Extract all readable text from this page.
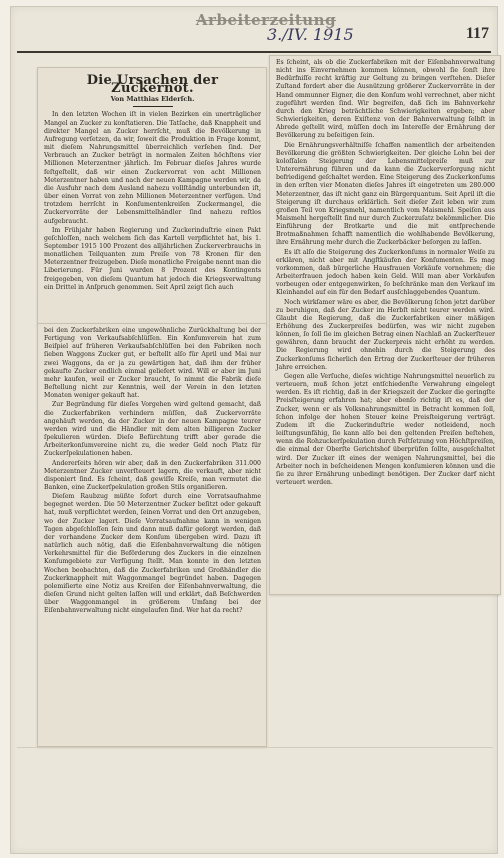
Arbeiterzeitung
3./IV. 1915	117
Die Ursachen der Zuckernot.
Von Matthias Elderſch.

In den letzten Wochen iſt in vielen Bezirken ein unerträglicher Mangel an Zucker zu konſtatieren. Die Tatſache, daß Knappheit und direkter Mangel an Zucker herrſcht, muß die Bevölkerung in Aufregung verſetzen, da wir, ſoweit die Produktion in Frage kommt, mit dieſem Nahrungsmittel überreichlich verſehen ſind. Der Verbrauch an Zucker beträgt in normalen Zeiten höchſtens vier Millionen Meterzentner jährlich. Im Februar dieſes Jahres wurde feſtgeſtellt, daß wir einen Zuckervorrat von acht Millionen Meterzentner haben und nach der neuen Kampagne werden wir, da die Ausfuhr nach dem Ausland nahezu vollſtändig unterbunden iſt, über einen Vorrat von zehn Millionen Meterzentner verfügen. Und trotzdem herrſcht in Konſumentenkreiſen Zuckermangel, die Zuckervorräte der Lebensmittelhändler ſind nahezu reſtlos aufgebraucht.

Im Frühjahr haben Regierung und Zuckerinduſtrie einen Pakt geſchloſſen, nach welchem ſich das Kartell verpflichtet hat, bis 1. September 1915 100 Prozent des alljährlichen Zuckerverbrauchs in monatlichen Teilquanten zum Preiſe von 78 Kronen für den Meterzentner freizugeben. Dieſe monatliche Freigabe nennt man die Liberierung. Für Juni wurden 8 Prozent des Kontingents freigegeben, von dieſem Quantum hat jedoch die Kriegsverwaltung ein Drittel in Anſpruch genommen. Seit April zeigt ſich auch

bei den Zuckerfabriken eine ungewöhnliche Zurückhaltung bei der Fertigung von Verkaufsabſchlüſſen. Ein Konſumverein hat zum Beiſpiel auf früheren Verkaufsabſchlüſſen bei den Fabriken noch ſieben Waggons Zucker gut, er beſtellt alſo für April und Mai nur zwei Waggons, da er ja zu gewärtigen hat, daß ihm der früher gekaufte Zucker endlich einmal geliefert wird. Will er aber im Juni mehr kaufen, weil er Zucker braucht, ſo nimmt die Fabrik dieſe Beſtellung nicht zur Kenntnis, weil der Verein in den letzten Monaten weniger gekauft hat.

Zur Begründung für dieſes Vorgehen wird geltend gemacht, daß die Zuckerfabriken verhindern müſſen, daß Zuckervorräte angehäuft werden, da der Zucker in der neuen Kampagne teurer werden wird und die Händler mit dem alten billigeren Zucker ſpekulieren würden. Dieſe Befürchtung trifft aber gerade die Arbeiterkonſumvereine nicht zu, die weder Geld noch Platz für Zuckerſpekulationen haben.

Andererſeits hören wir aber, daß in den Zuckerfabriken 311.000 Meterzentner Zucker unverſteuert lagern, die verkauft, aber nicht disponiert ſind. Es ſcheint, daß gewiſſe Kreiſe, man vermutet die Banken, eine Zuckerſpekulation großen Stils organiſieren.

Dieſem Raubzug müßte ſofort durch eine Vorratsaufnahme begegnet werden. Die 50 Meterzentner Zucker beſitzt oder gekauft hat, muß verpflichtet werden, ſeinen Vorrat und den Ort anzugeben, wo der Zucker lagert. Dieſe Vorratsaufnahme kann in wenigen Tagen abgeſchloſſen ſein und dann muß dafür geſorgt werden, daß der vorhandene Zucker dem Konſum übergeben wird. Dazu iſt natürlich auch nötig, daß die Eiſenbahnverwaltung die nötigen Verkehrsmittel für die Beförderung des Zuckers in die einzelnen Konſumgebiete zur Verfügung ſtellt. Man konnte in den letzten Wochen beobachten, daß die Zuckerfabriken und Großhändler die Zuckerknappheit mit Waggonmangel begründet haben. Dagegen polemiſierte eine Notiz aus Kreiſen der Eiſenbahnverwaltung, die dieſen Grund nicht gelten laſſen will und erklärt, daß Beſchwerden über Waggonmangel in größerem Umfang bei der Eiſenbahnverwaltung nicht eingelaufen ſind. Wer hat da recht?

Es ſcheint, als ob die Zuckerfabriken mit der Eiſenbahnverwaltung nicht ins Einvernehmen kommen können, obwohl ſie ſonſt ihre Bedürfniſſe recht kräftig zur Geltung zu bringen verſtehen. Dieſer Zuſtand fordert aber die Ausnützung größerer Zuckervorräte in der Hand ommunner Eigner, die den Konſum wohl verrechnet, aber nicht zugeführt werden ſind. Wir begreifen, daß ſich im Bahnverkehr durch den Krieg beträchtliche Schwierigkeiten ergeben; aber Schwierigkeiten, deren Exiſtenz von der Bahnverwaltung ſelbſt in Abrede geſtellt wird, müſſen doch im Intereſſe der Ernährung der Bevölkerung zu beſeitigen ſein.

Die Ernährungsverhältniſſe ſchaffen namentlich der arbeitenden Bevölkerung die größten Schwierigkeiten. Der gleiche Lohn bei der koloſſalen Steigerung der Lebensmittelpreiſe muß zur Unterernährung führen und da kann die Zuckerverſorgung nicht befriedigend geſchaltet werden. Eine Steigerung des Zuckerkonſums in den erſten vier Monaten dieſes Jahres iſt eingetreten um 280.000 Meterzentner, das iſt nicht ganz ein Bürgerquantum. Seit April iſt die Steigerung iſt durchaus erklärlich. Seit dieſer Zeit leben wir zum großen Teil von Kriegsmehl, namentlich vom Maismehl. Speiſen aus Maismehl hergeſtellt ſind nur durch Zuckerzuſatz bekömmlicher. Die Einführung der Brotkarte und die mit entſprechende Brotmaßnahmen ſchafft namentlich die wohlhabende Bevölkerung, ihre Ernährung mehr durch die Zuckerbäcker beſorgen zu laſſen.

Es iſt alſo die Steigerung des Zuckerkonſums in normaler Weiſe zu erklären, nicht aber mit Angſtkäufen der Konſumenten. Es mag vorkommen, daß bürgerliche Hausfrauen Vorkäufe vornehmen; die Arbeiterfrauen jedoch haben kein Geld. Will man aber Vorkäufen vorbeugen oder entgegenwirken, ſo beſchränke man den Verkauf im Kleinhandel auf ein für den Bedarf ausſchlaggebendes Quantum.

Noch wirkſamer wäre es aber, die Bevölkerung ſchon jetzt darüber zu beruhigen, daß der Zucker im Herbſt nicht teurer werden wird. Glaubt die Regierung, daß die Zuckerfabriken einer mäßigen Erhöhung des Zuckerpreiſes bedürfen, was wir nicht zugeben können, ſo ſoll ſie im gleichen Betrag einen Nachlaß an Zuckerſteuer gewähren, dann braucht der Zuckerpreis nicht erhöht zu werden. Die Regierung wird ohnehin durch die Steigerung des Zuckerkonſums ſicherlich den Ertrag der Zuckerſteuer der früheren Jahre erreichen.

Gegen alle Verſuche, dieſes wichtige Nahrungsmittel neuerlich zu verteuern, muß ſchon jetzt entſchiedenſte Verwahrung eingelegt werden. Es iſt richtig, daß in der Kriegszeit der Zucker die geringſte Preisſteigerung erfahren hat; aber ebenſo richtig iſt es, daß der Zucker, wenn er als Volksnahrungsmittel in Betracht kommen ſoll, ſchon infolge der hohen Steuer keine Preisſteigerung verträgt. Zudem iſt die Zuckerinduſtrie weder notleidend, noch leiſtungsunfähig, ſie kann alſo bei den geltenden Preiſen beſtehen, wenn die Rohzuckerſpekulation durch Feſtſetzung von Höchſtpreiſen, die einmal der Oberſte Gerichtshof überprüfen ſollte, ausgeſchaltet wird. Der Zucker iſt eines der wenigen Nahrungsmittel, bei die Arbeiter noch in beſcheidenen Mengen konſumieren können und die ſie zu ihrer Ernährung unbedingt benötigen. Der Zucker darf nicht verteuert werden.
